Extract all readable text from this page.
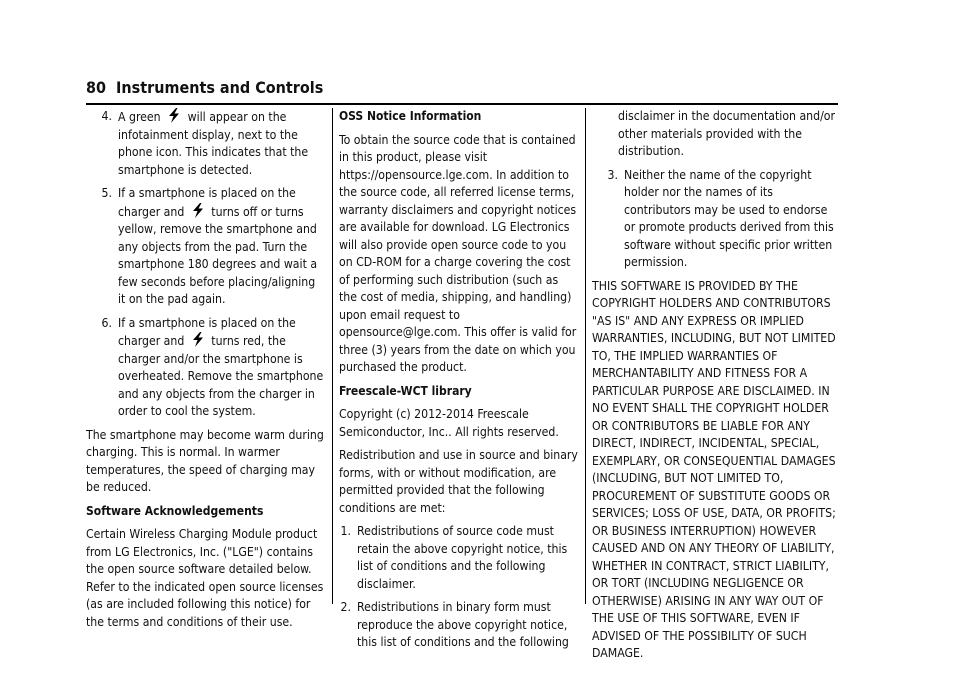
80 Instruments and Controls
4. A green will appear on the infotainment display, next to the phone icon. This indicates that the smartphone is detected.
5. If a smartphone is placed on the charger and turns off or turns yellow, remove the smartphone and any objects from the pad. Turn the smartphone 180 degrees and wait a few seconds before placing/aligning it on the pad again.
6. If a smartphone is placed on the charger and turns red, the charger and/or the smartphone is overheated. Remove the smartphone and any objects from the charger in order to cool the system.

The smartphone may become warm during charging. This is normal. In warmer temperatures, the speed of charging may be reduced.

Software Acknowledgements

Certain Wireless Charging Module product from LG Electronics, Inc. ("LGE") contains the open source software detailed below. Refer to the indicated open source licenses (as are included following this notice) for the terms and conditions of their use.

OSS Notice Information

To obtain the source code that is contained in this product, please visit https://opensource.lge.com. In addition to the source code, all referred license terms, warranty disclaimers and copyright notices are available for download. LG Electronics will also provide open source code to you on CD-ROM for a charge covering the cost of performing such distribution (such as the cost of media, shipping, and handling) upon email request to opensource@lge.com. This offer is valid for three (3) years from the date on which you purchased the product.

Freescale-WCT library

Copyright (c) 2012-2014 Freescale Semiconductor, Inc.. All rights reserved.

Redistribution and use in source and binary forms, with or without modification, are permitted provided that the following conditions are met:

1. Redistributions of source code must retain the above copyright notice, this list of conditions and the following disclaimer.
2. Redistributions in binary form must reproduce the above copyright notice, this list of conditions and the following

disclaimer in the documentation and/or other materials provided with the distribution.

3. Neither the name of the copyright holder nor the names of its contributors may be used to endorse or promote products derived from this software without specific prior written permission.

THIS SOFTWARE IS PROVIDED BY THE COPYRIGHT HOLDERS AND CONTRIBUTORS "AS IS" AND ANY EXPRESS OR IMPLIED WARRANTIES, INCLUDING, BUT NOT LIMITED TO, THE IMPLIED WARRANTIES OF MERCHANTABILITY AND FITNESS FOR A PARTICULAR PURPOSE ARE DISCLAIMED. IN NO EVENT SHALL THE COPYRIGHT HOLDER OR CONTRIBUTORS BE LIABLE FOR ANY DIRECT, INDIRECT, INCIDENTAL, SPECIAL, EXEMPLARY, OR CONSEQUENTIAL DAMAGES (INCLUDING, BUT NOT LIMITED TO, PROCUREMENT OF SUBSTITUTE GOODS OR SERVICES; LOSS OF USE, DATA, OR PROFITS; OR BUSINESS INTERRUPTION) HOWEVER CAUSED AND ON ANY THEORY OF LIABILITY, WHETHER IN CONTRACT, STRICT LIABILITY, OR TORT (INCLUDING NEGLIGENCE OR OTHERWISE) ARISING IN ANY WAY OUT OF THE USE OF THIS SOFTWARE, EVEN IF ADVISED OF THE POSSIBILITY OF SUCH DAMAGE.
